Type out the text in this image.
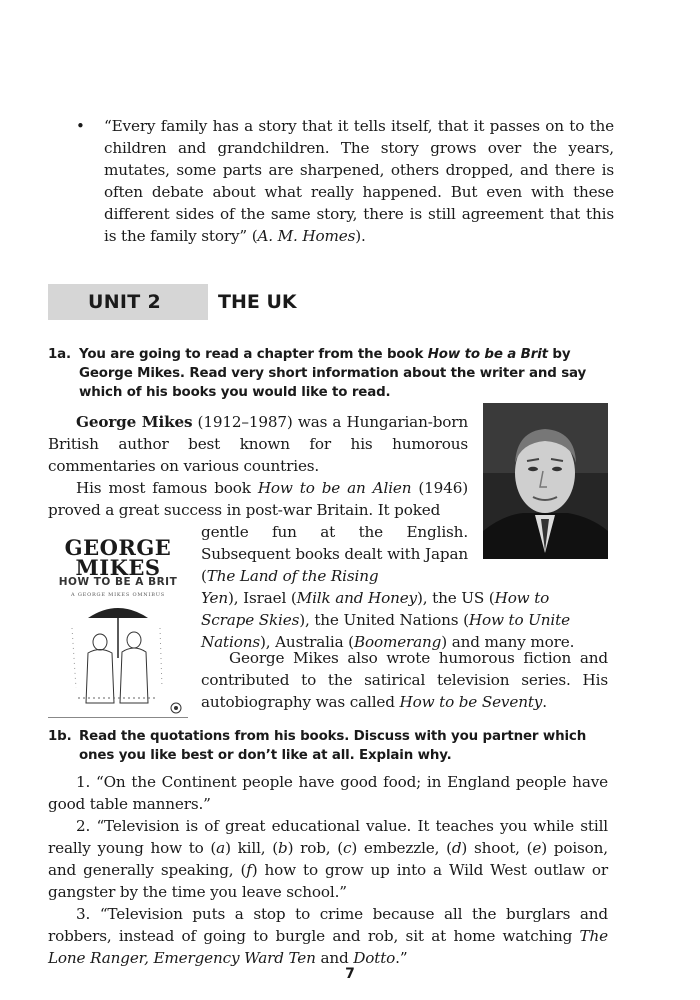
• “Every family has a story that it tells itself, that it passes on to the children and grandchildren. The story grows over the years, mutates, some parts are sharpened, others dropped, and there is often debate about what really happened. But even with these different sides of the same story, there is still agreement that this is the family story” (A. M. Homes).
UNIT 2	THE UK
1a. You are going to read a chapter from the book How to be a Brit by George Mikes. Read very short information about the writer and say which of his books you would like to read.
George Mikes (1912–1987) was a Hungarian-born British author best known for his humorous commentaries on various countries.
His most famous book How to be an Alien (1946) proved a great success in post-war Britain. It poked
gentle fun at the English. Subsequent books dealt with Japan (The Land of the Rising
Yen), Israel (Milk and Honey), the US (How to
Scrape Skies), the United Nations (How to Unite
Nations), Australia (Boomerang) and many more.
George Mikes also wrote humorous fiction and contributed to the satirical television series. His autobiography was called How to be Seventy.
GEORGE
MIKES
HOW TO BE A BRIT
A GEORGE MIKES OMNIBUS
1b. Read the quotations from his books. Discuss with you partner which ones you like best or don’t like at all. Explain why.

1. “On the Continent people have good food; in England people have good table manners.”

2. “Television is of great educational value. It teaches you while still really young how to (a) kill, (b) rob, (c) embezzle, (d) shoot, (e) poison, and generally speaking, (f) how to grow up into a Wild West outlaw or gangster by the time you leave school.”

3. “Television puts a stop to crime because all the burglars and robbers, instead of going to burgle and rob, sit at home watching The Lone Ranger, Emergency Ward Ten and Dotto.”

7
